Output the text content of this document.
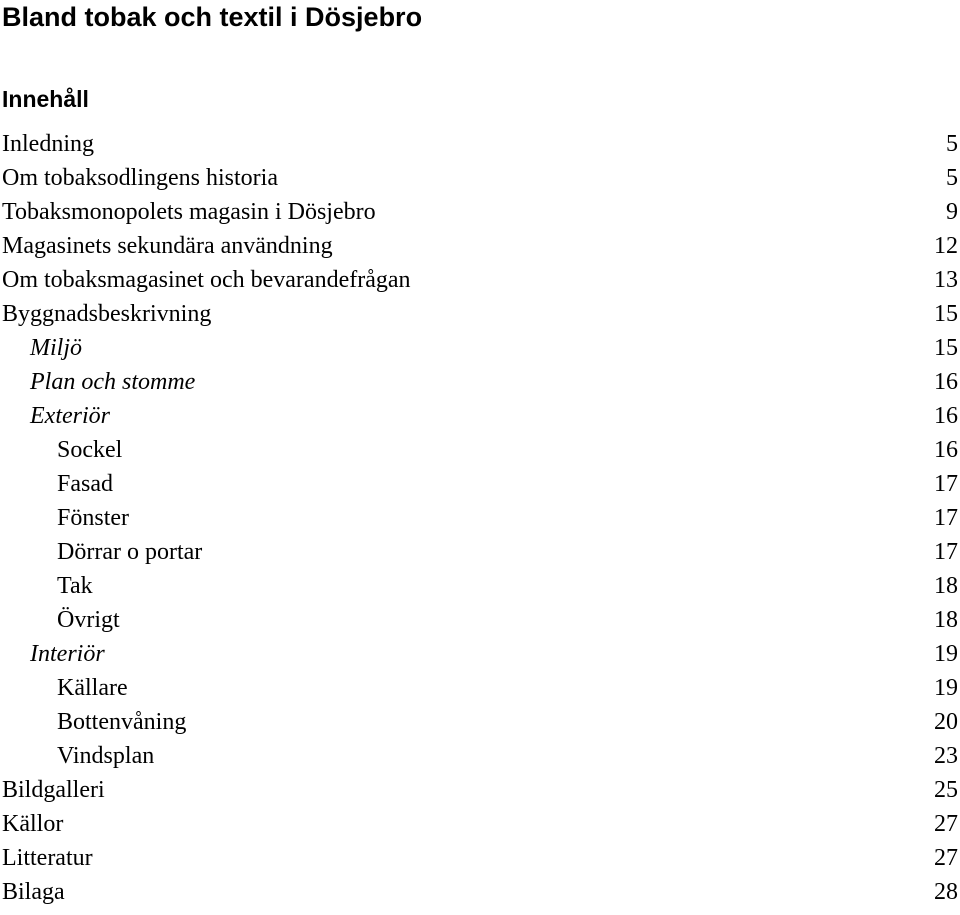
Bland tobak och textil i Dösjebro
Innehåll
Inledning	5
Om tobaksodlingens historia	5
Tobaksmonopolets magasin i Dösjebro	9
Magasinets sekundära användning	12
Om tobaksmagasinet och bevarandefrågan	13
Byggnadsbeskrivning	15
Miljö	15
Plan och stomme	16
Exteriör	16
Sockel	16
Fasad	17
Fönster	17
Dörrar o portar	17
Tak	18
Övrigt	18
Interiör	19
Källare	19
Bottenvåning	20
Vindsplan	23
Bildgalleri	25
Källor	27
Litteratur	27
Bilaga	28
